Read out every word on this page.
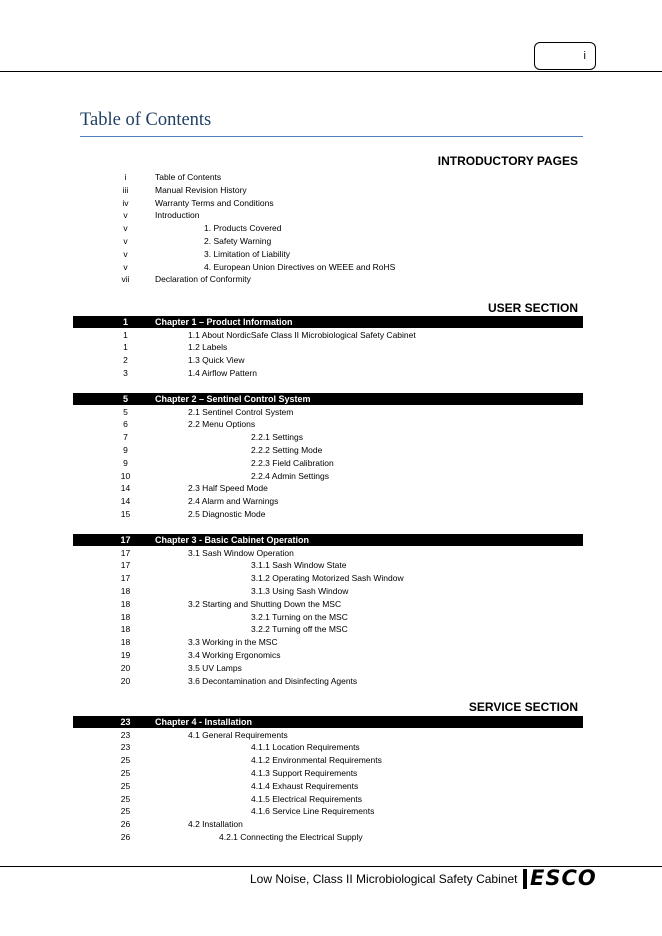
i
Table of Contents
INTRODUCTORY PAGES
i	Table of Contents
iii	Manual Revision History
iv	Warranty Terms and Conditions
v	Introduction
v	1. Products Covered
v	2. Safety Warning
v	3. Limitation of Liability
v	4. European Union Directives on WEEE and RoHS
vii	Declaration of Conformity
USER SECTION
1	Chapter 1 – Product Information
1	1.1 About NordicSafe Class II Microbiological Safety Cabinet
1	1.2 Labels
2	1.3 Quick View
3	1.4 Airflow Pattern
5	Chapter 2 – Sentinel Control System
5	2.1 Sentinel Control System
6	2.2 Menu Options
7	2.2.1 Settings
9	2.2.2 Setting Mode
9	2.2.3 Field Calibration
10	2.2.4 Admin Settings
14	2.3 Half Speed Mode
14	2.4 Alarm and Warnings
15	2.5 Diagnostic Mode
17	Chapter 3 - Basic Cabinet Operation
17	3.1 Sash Window Operation
17	3.1.1 Sash Window State
17	3.1.2 Operating Motorized Sash Window
18	3.1.3 Using Sash Window
18	3.2 Starting and Shutting Down the MSC
18	3.2.1 Turning on the MSC
18	3.2.2 Turning off the MSC
18	3.3 Working in the MSC
19	3.4 Working Ergonomics
20	3.5 UV Lamps
20	3.6 Decontamination and Disinfecting Agents
SERVICE SECTION
23	Chapter 4 - Installation
23	4.1 General Requirements
23	4.1.1 Location Requirements
25	4.1.2 Environmental Requirements
25	4.1.3 Support Requirements
25	4.1.4 Exhaust Requirements
25	4.1.5 Electrical Requirements
25	4.1.6 Service Line Requirements
26	4.2 Installation
26	4.2.1 Connecting the Electrical Supply
Low Noise, Class II Microbiological Safety Cabinet ESCO
